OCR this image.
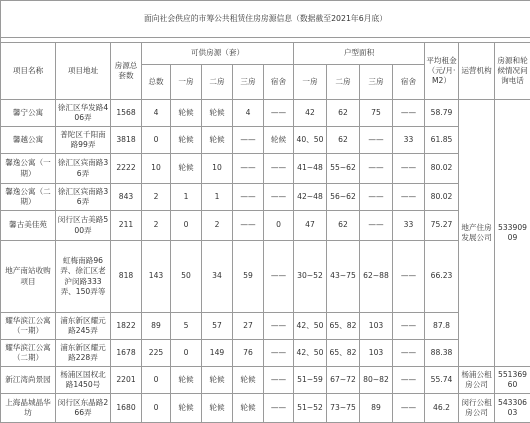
面向社会供应的市筹公共租赁住房房源信息（数据截至2021年6月底）														

项目名称	项目地址	房源总套数	可供房源（套）					户型面积				平均租金（元/月·M2）	运营机构	房源和轮候情况问询电话
			总数	一房	二房	三房	宿舍	一房	二房	三房	宿舍			
馨宁公寓	徐汇区华发路406弄	1568	4	轮候	轮候	4	——	42	62	75	——	58.79	地产住房发展公司	53390909
馨越公寓	普陀区千阳南路99弄	3818	0	轮候	轮候	——	轮候	40、50	62	——	33	61.85		
馨逸公寓（一期）	徐汇区宾南路36弄	2222	10	轮候	10	——	——	41~48	55~62	——	——	80.02		
馨逸公寓（二期）	徐汇区宾南路36弄	843	2	1	1	——	——	42~48	56~62	——	——	80.02		
馨古美佳苑	闵行区古美路500弄	211	2	0	2	——	0	47	62	——	33	75.27		
地产南站收购项目	虹梅南路96弄、徐汇区老沪闵路333弄、150弄等	818	143	50	34	59	——	30~52	43~75	62~88	——	66.23		
耀华滨江公寓（一期）	浦东新区耀元路245弄	1822	89	5	57	27	——	42、50	65、82	103	——	87.8		
耀华滨江公寓（二期）	浦东新区耀元路228弄	1678	225	0	149	76	——	42、50	65、82	103	——	88.38		
新江湾尚景园	杨浦区国权北路1450号	2201	0	轮候	轮候	轮候	——	51~59	67~72	80~82	——	55.74	杨浦公租房公司	55136960
上海晶城晶华坊	闵行区东晶路266弄	1680	0	轮候	轮候	轮候	——	51~52	73~75	89	——	46.2	闵行公租房公司	54330603
